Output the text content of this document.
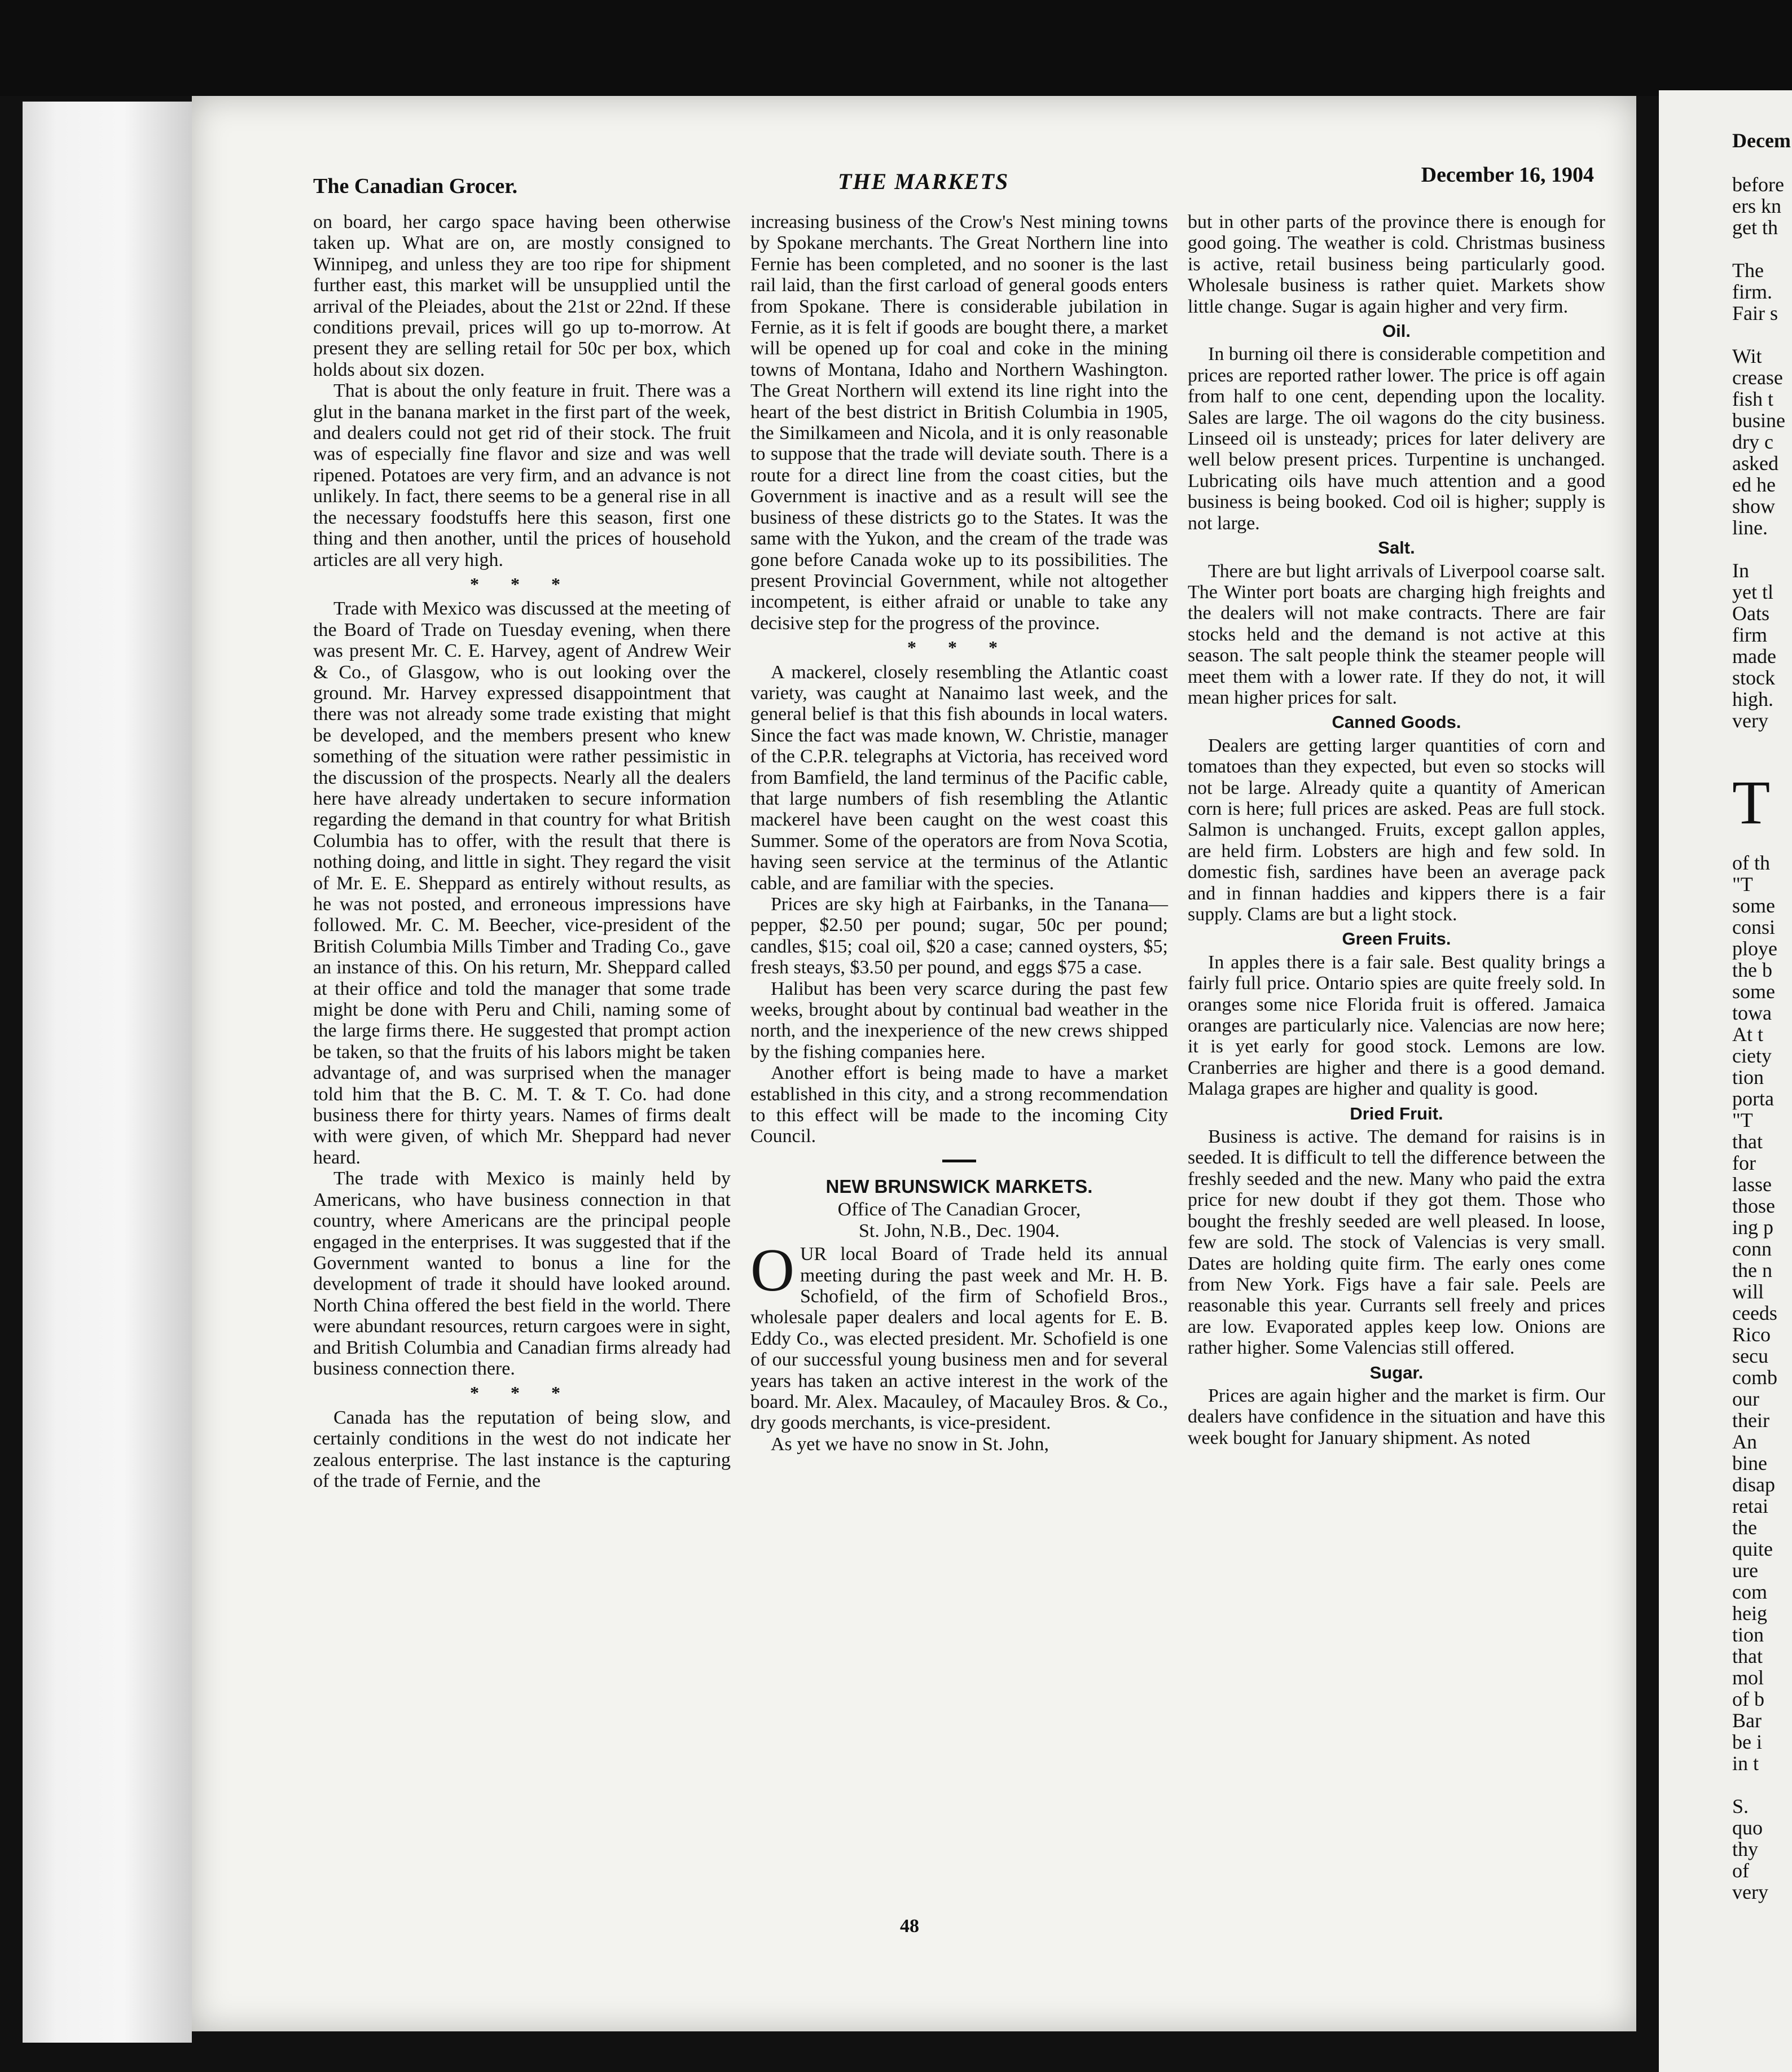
The Canadian Grocer.	THE MARKETS	December 16, 1904

on board, her cargo space having been otherwise taken up. What are on, are mostly consigned to Winnipeg, and unless they are too ripe for shipment further east, this market will be unsupplied until the arrival of the Pleiades, about the 21st or 22nd. If these conditions prevail, prices will go up to-morrow. At present they are selling retail for 50c per box, which holds about six dozen.

That is about the only feature in fruit. There was a glut in the banana market in the first part of the week, and dealers could not get rid of their stock. The fruit was of especially fine flavor and size and was well ripened. Potatoes are very firm, and an advance is not unlikely. In fact, there seems to be a general rise in all the necessary foodstuffs here this season, first one thing and then another, until the prices of household articles are all very high.

* * *

Trade with Mexico was discussed at the meeting of the Board of Trade on Tuesday evening, when there was present Mr. C. E. Harvey, agent of Andrew Weir & Co., of Glasgow, who is out looking over the ground. Mr. Harvey expressed disappointment that there was not already some trade existing that might be developed, and the members present who knew something of the situation were rather pessimistic in the discussion of the prospects. Nearly all the dealers here have already undertaken to secure information regarding the demand in that country for what British Columbia has to offer, with the result that there is nothing doing, and little in sight. They regard the visit of Mr. E. E. Sheppard as entirely without results, as he was not posted, and erroneous impressions have followed. Mr. C. M. Beecher, vice-president of the British Columbia Mills Timber and Trading Co., gave an instance of this. On his return, Mr. Sheppard called at their office and told the manager that some trade might be done with Peru and Chili, naming some of the large firms there. He suggested that prompt action be taken, so that the fruits of his labors might be taken advantage of, and was surprised when the manager told him that the B. C. M. T. & T. Co. had done business there for thirty years. Names of firms dealt with were given, of which Mr. Sheppard had never heard.

The trade with Mexico is mainly held by Americans, who have business connection in that country, where Americans are the principal people engaged in the enterprises. It was suggested that if the Government wanted to bonus a line for the development of trade it should have looked around. North China offered the best field in the world. There were abundant resources, return cargoes were in sight, and British Columbia and Canadian firms already had business connection there.

* * *

Canada has the reputation of being slow, and certainly conditions in the west do not indicate her zealous enterprise. The last instance is the capturing of the trade of Fernie, and the

increasing business of the Crow's Nest mining towns by Spokane merchants. The Great Northern line into Fernie has been completed, and no sooner is the last rail laid, than the first carload of general goods enters from Spokane. There is considerable jubilation in Fernie, as it is felt if goods are bought there, a market will be opened up for coal and coke in the mining towns of Montana, Idaho and Northern Washington. The Great Northern will extend its line right into the heart of the best district in British Columbia in 1905, the Similkameen and Nicola, and it is only reasonable to suppose that the trade will deviate south. There is a route for a direct line from the coast cities, but the Government is inactive and as a result will see the business of these districts go to the States. It was the same with the Yukon, and the cream of the trade was gone before Canada woke up to its possibilities. The present Provincial Government, while not altogether incompetent, is either afraid or unable to take any decisive step for the progress of the province.

* * *

A mackerel, closely resembling the Atlantic coast variety, was caught at Nanaimo last week, and the general belief is that this fish abounds in local waters. Since the fact was made known, W. Christie, manager of the C.P.R. telegraphs at Victoria, has received word from Bamfield, the land terminus of the Pacific cable, that large numbers of fish resembling the Atlantic mackerel have been caught on the west coast this Summer. Some of the operators are from Nova Scotia, having seen service at the terminus of the Atlantic cable, and are familiar with the species.

Prices are sky high at Fairbanks, in the Tanana—pepper, $2.50 per pound; sugar, 50c per pound; candles, $15; coal oil, $20 a case; canned oysters, $5; fresh steays, $3.50 per pound, and eggs $75 a case.

Halibut has been very scarce during the past few weeks, brought about by continual bad weather in the north, and the inexperience of the new crews shipped by the fishing companies here.

Another effort is being made to have a market established in this city, and a strong recommendation to this effect will be made to the incoming City Council.

NEW BRUNSWICK MARKETS.
Office of The Canadian Grocer,
St. John, N.B., Dec. 1904.
O UR local Board of Trade held its annual meeting during the past week and Mr. H. B. Schofield, of the firm of Schofield Bros., wholesale paper dealers and local agents for E. B. Eddy Co., was elected president. Mr. Schofield is one of our successful young business men and for several years has taken an active interest in the work of the board. Mr. Alex. Macauley, of Macauley Bros. & Co., dry goods merchants, is vice-president.

As yet we have no snow in St. John,

but in other parts of the province there is enough for good going. The weather is cold. Christmas business is active, retail business being particularly good. Wholesale business is rather quiet. Markets show little change. Sugar is again higher and very firm.

Oil.

In burning oil there is considerable competition and prices are reported rather lower. The price is off again from half to one cent, depending upon the locality. Sales are large. The oil wagons do the city business. Linseed oil is unsteady; prices for later delivery are well below present prices. Turpentine is unchanged. Lubricating oils have much attention and a good business is being booked. Cod oil is higher; supply is not large.

Salt.

There are but light arrivals of Liverpool coarse salt. The Winter port boats are charging high freights and the dealers will not make contracts. There are fair stocks held and the demand is not active at this season. The salt people think the steamer people will meet them with a lower rate. If they do not, it will mean higher prices for salt.

Canned Goods.

Dealers are getting larger quantities of corn and tomatoes than they expected, but even so stocks will not be large. Already quite a quantity of American corn is here; full prices are asked. Peas are full stock. Salmon is unchanged. Fruits, except gallon apples, are held firm. Lobsters are high and few sold. In domestic fish, sardines have been an average pack and in finnan haddies and kippers there is a fair supply. Clams are but a light stock.

Green Fruits.

In apples there is a fair sale. Best quality brings a fairly full price. Ontario spies are quite freely sold. In oranges some nice Florida fruit is offered. Jamaica oranges are particularly nice. Valencias are now here; it is yet early for good stock. Lemons are low. Cranberries are higher and there is a good demand. Malaga grapes are higher and quality is good.

Dried Fruit.

Business is active. The demand for raisins is in seeded. It is difficult to tell the difference between the freshly seeded and the new. Many who paid the extra price for new doubt if they got them. Those who bought the freshly seeded are well pleased. In loose, few are sold. The stock of Valencias is very small. Dates are holding quite firm. The early ones come from New York. Figs have a fair sale. Peels are reasonable this year. Currants sell freely and prices are low. Evaporated apples keep low. Onions are rather higher. Some Valencias still offered.

Sugar.

Prices are again higher and the market is firm. Our dealers have confidence in the situation and have this week bought for January shipment. As noted

48
Decem
before
ers kn
get th

The
firm.
Fair s

Wit
crease
fish t
busine
dry c
asked
ed he
show
line.

In
yet tl
Oats
firm
made
stock
high.
very

T

of th
"T
some
consi
ploye
the b
some
towa
At t
ciety
tion
porta
"T
that
for
lasse
those
ing p
conn
the n
will
ceeds
Rico
secu
comb
our
their
An
bine
disap
retai
the
quite
ure
com
heig
tion
that
mol
of b
Bar
be i
in t

S.
quo
thy
of
very
